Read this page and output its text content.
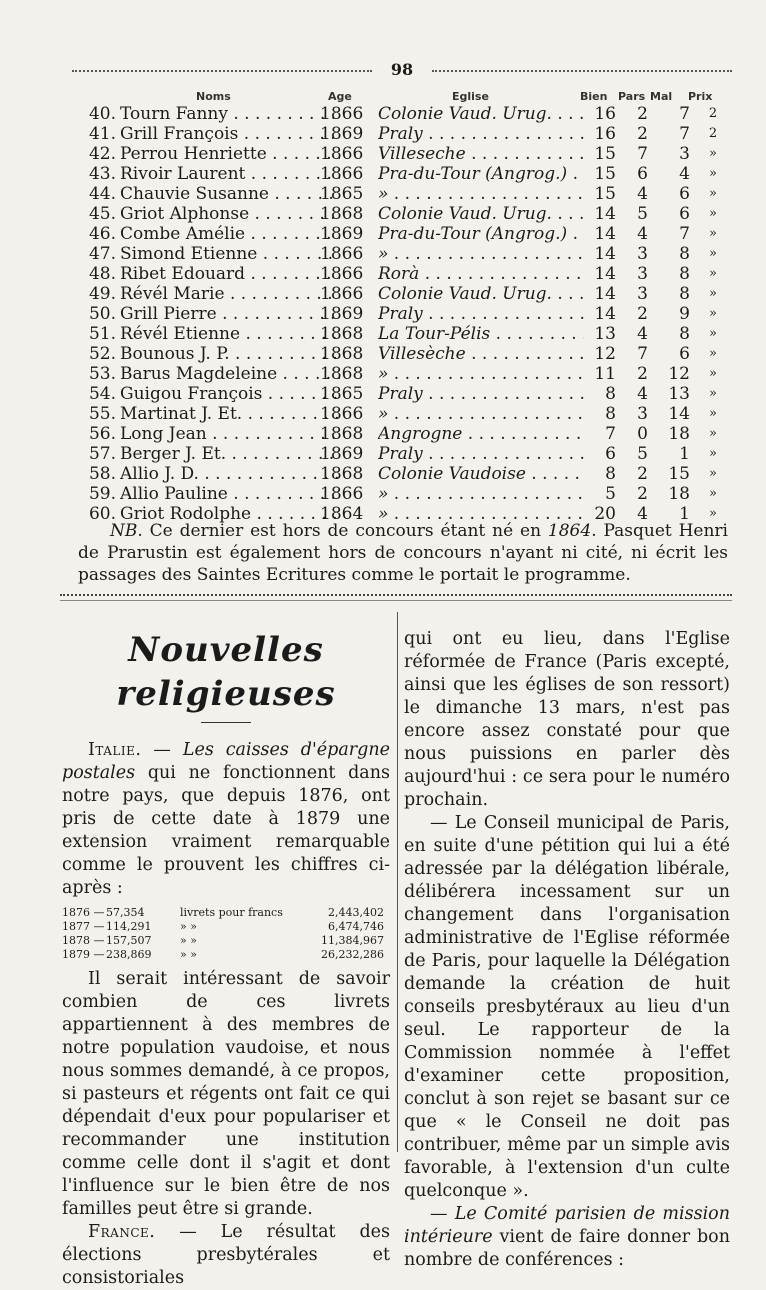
98
Noms	Age	Eglise	Bien Pars Mal Prix
40. Tourn Fanny . . .	1866 Colonie Vaud. Urug. . . .	16	2	7	2
41. Grill François . . .	1869 Praly . . .	16	2	7	2
42. Perrou Henriette . . .	1866 Villeseche . . .	15	7	3	»
43. Rivoir Laurent . . .	1866 Pra-du-Tour (Angrog.) . . .	15	6	4	»
44. Chauvie Susanne . . .	1865 » . . .	15	4	6	»
45. Griot Alphonse . . .	1868 Colonie Vaud. Urug. . . .	14	5	6	»
46. Combe Amélie . . .	1869 Pra-du-Tour (Angrog.) . . .	14	4	7	»
47. Simond Etienne . . .	1866 » . . .	14	3	8	»
48. Ribet Edouard . . .	1866 Rorà . . .	14	3	8	»
49. Révél Marie . . .	1866 Colonie Vaud. Urug. . . .	14	3	8	»
50. Grill Pierre . . .	1869 Praly . . .	14	2	9	»
51. Révél Etienne . . .	1868 La Tour-Pélis . . .	13	4	8	»
52. Bounous J. P. . . .	1868 Villesèche . . .	12	7	6	»
53. Barus Magdeleine . . .	1868 » . . .	11	2	12	»
54. Guigou François . . .	1865 Praly . . .	8	4	13	»
55. Martinat J. Et. . . .	1866 » . . .	8	3	14	»
56. Long Jean . . .	1868 Angrogne . . .	7	0	18	»
57. Berger J. Et. . . .	1869 Praly . . .	6	5	1	»
58. Allio J. D. . . .	1868 Colonie Vaudoise . . .	8	2	15	»
59. Allio Pauline . . .	1866 » . . .	5	2	18	»
60. Griot Rodolphe . . .	1864 » . . .	20	4	1	»
NB. Ce dernier est hors de concours étant né en 1864. Pasquet Henri de Prarustin est également hors de concours n'ayant ni cité, ni écrit les passages des Saintes Ecritures comme le portait le programme.
Nouvelles religieuses

Italie. — Les caisses d'épargne postales qui ne fonctionnent dans notre pays, que depuis 1876, ont pris de cette date à 1879 une extension vraiment remarquable comme le prouvent les chiffres ci-après :

1876 — 57,354	livrets pour francs	2,443,402
1877 — 114,291	» »	6,474,746
1878 — 157,507	» »	11,384,967
1879 — 238,869	» »	26,232,286

Il serait intéressant de savoir combien de ces livrets appartiennent à des membres de notre population vaudoise, et nous nous sommes demandé, à ce propos, si pasteurs et régents ont fait ce qui dépendait d'eux pour populariser et recommander une institution comme celle dont il s'agit et dont l'influence sur le bien être de nos familles peut être si grande.

France. — Le résultat des élections presbytérales et consistoriales

qui ont eu lieu, dans l'Eglise réformée de France (Paris excepté, ainsi que les églises de son ressort) le dimanche 13 mars, n'est pas encore assez constaté pour que nous puissions en parler dès aujourd'hui : ce sera pour le numéro prochain.

— Le Conseil municipal de Paris, en suite d'une pétition qui lui a été adressée par la délégation libérale, délibérera incessament sur un changement dans l'organisation administrative de l'Eglise réformée de Paris, pour laquelle la Délégation demande la création de huit conseils presbytéraux au lieu d'un seul. Le rapporteur de la Commission nommée à l'effet d'examiner cette proposition, conclut à son rejet se basant sur ce que « le Conseil ne doit pas contribuer, même par un simple avis favorable, à l'extension d'un culte quelconque ».

— Le Comité parisien de mission intérieure vient de faire donner bon nombre de conférences :
